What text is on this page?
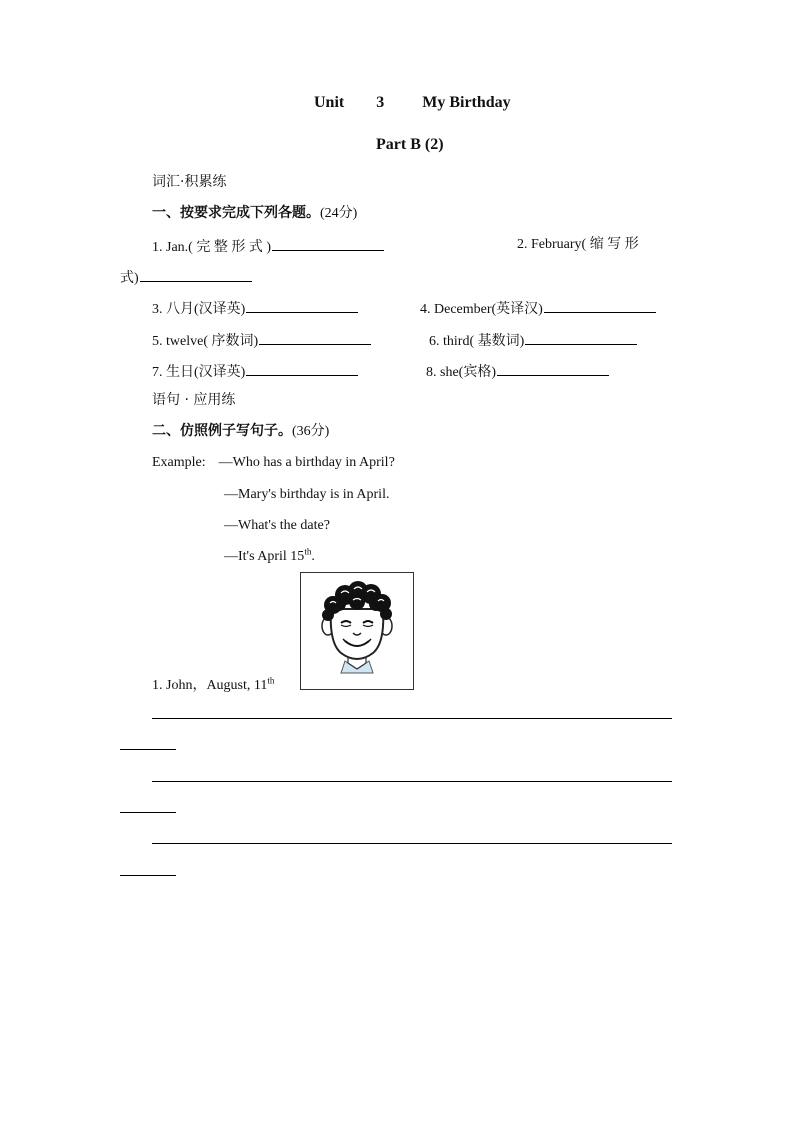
Unit 3 My Birthday
Part B (2)
词汇·积累练
一、按要求完成下列各题。(24分)
1. Jan.( 完 整 形 式 )	2. February( 缩 写 形
式)
3. 八月(汉译英)	4. December(英译汉)
5. twelve( 序数词)	6. third( 基数词)
7. 生日(汉译英)	8. she(宾格)
语句 · 应用练
二、仿照例子写句子。(36分)
Example: —Who has a birthday in April?
—Mary's birthday is in April.
—What's the date?
—It's April 15th.
1. John，August, 11th
